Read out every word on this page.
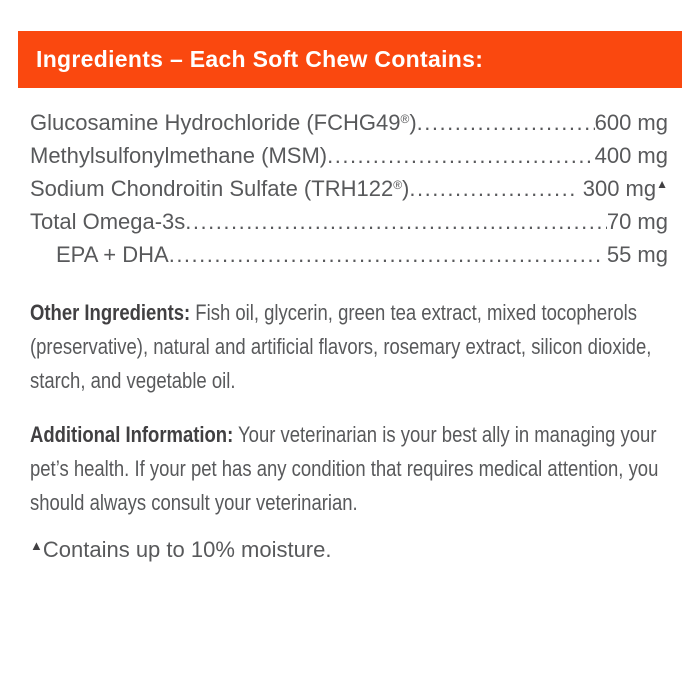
Ingredients – Each Soft Chew Contains:
Glucosamine Hydrochloride (FCHG49®) .....	600 mg
Methylsulfonylmethane (MSM) .....	400 mg
Sodium Chondroitin Sulfate (TRH122®) .....	300 mg▲
Total Omega-3s .....	70 mg
EPA + DHA .....	55 mg

Other Ingredients: Fish oil, glycerin, green tea extract, mixed tocopherols (preservative), natural and artificial flavors, rosemary extract, silicon dioxide, starch, and vegetable oil.

Additional Information: Your veterinarian is your best ally in managing your pet’s health. If your pet has any condition that requires medical attention, you should always consult your veterinarian.

▲Contains up to 10% moisture.
